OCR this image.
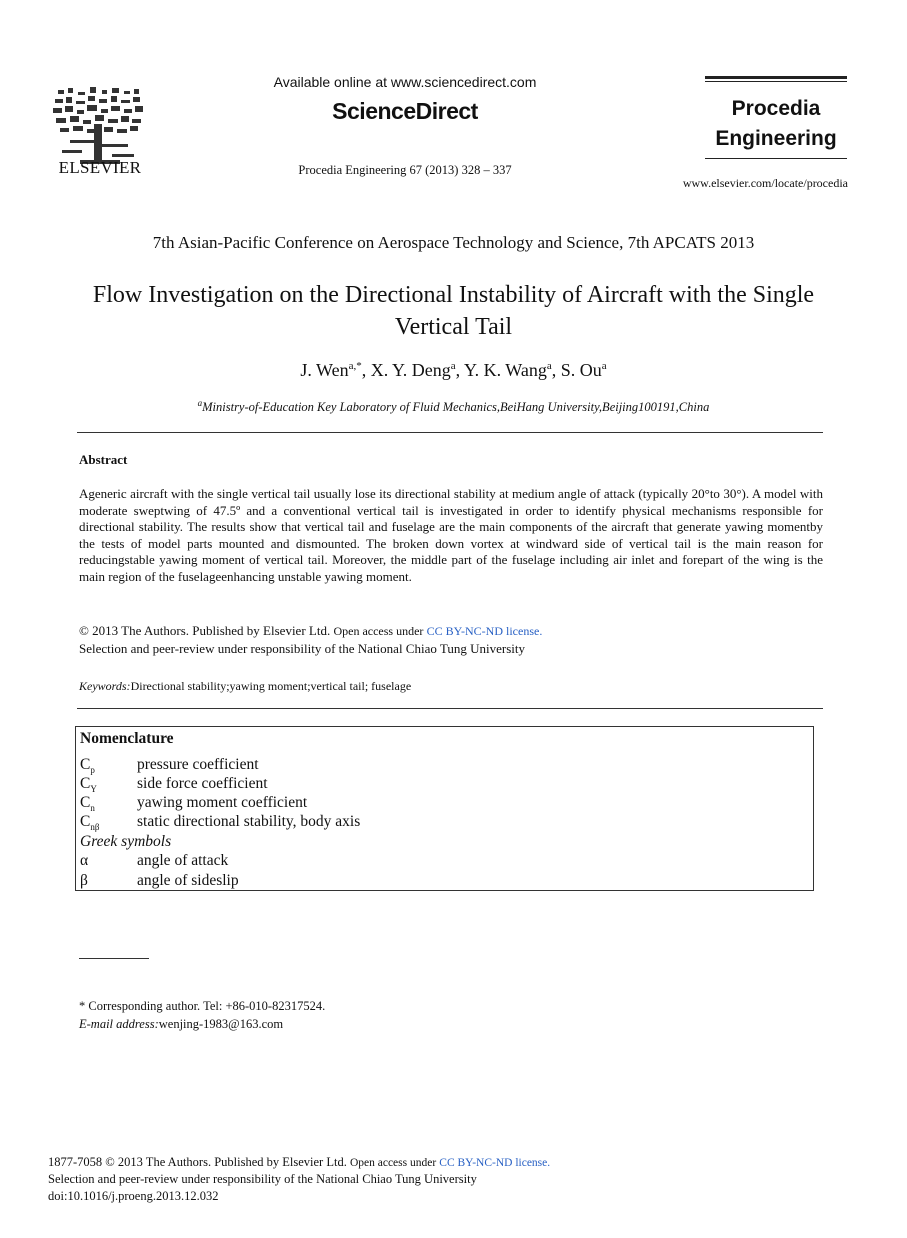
ELSEVIER
Available online at www.sciencedirect.com
ScienceDirect
Procedia Engineering 67 (2013) 328 – 337
Procedia Engineering
www.elsevier.com/locate/procedia
7th Asian-Pacific Conference on Aerospace Technology and Science, 7th APCATS 2013
Flow Investigation on the Directional Instability of Aircraft with the Single Vertical Tail
J. Wen$^{a,*}$, X. Y. Deng$^a$, Y. K. Wang$^a$, S. Ou$^a$
$^a$Ministry-of-Education Key Laboratory of Fluid Mechanics,BeiHang University,Beijing100191,China
Abstract
Ageneric aircraft with the single vertical tail usually lose its directional stability at medium angle of attack (typically 20°to 30°). A model with moderate sweptwing of 47.5º and a conventional vertical tail is investigated in order to identify physical mechanisms responsible for directional stability. The results show that vertical tail and fuselage are the main components of the aircraft that generate yawing momentby the tests of model parts mounted and dismounted. The broken down vortex at windward side of vertical tail is the main reason for reducingstable yawing moment of vertical tail. Moreover, the middle part of the fuselage including air inlet and forepart of the wing is the main region of the fuselageenhancing unstable yawing moment.
© 2013 The Authors. Published by Elsevier Ltd. Open access under CC BY-NC-ND license.
Selection and peer-review under responsibility of the National Chiao Tung University
Keywords:Directional stability;yawing moment;vertical tail; fuselage
Nomenclature
$C_p$	pressure coefficient
$C_Y$	side force coefficient
$C_n$	yawing moment coefficient
$C_{n\beta}$	static directional stability, body axis
Greek symbols
α	angle of attack
β	angle of sideslip
* Corresponding author. Tel: +86-010-82317524.
E-mail address:wenjing-1983@163.com
1877-7058 © 2013 The Authors. Published by Elsevier Ltd. Open access under CC BY-NC-ND license.
Selection and peer-review under responsibility of the National Chiao Tung University
doi:10.1016/j.proeng.2013.12.032
